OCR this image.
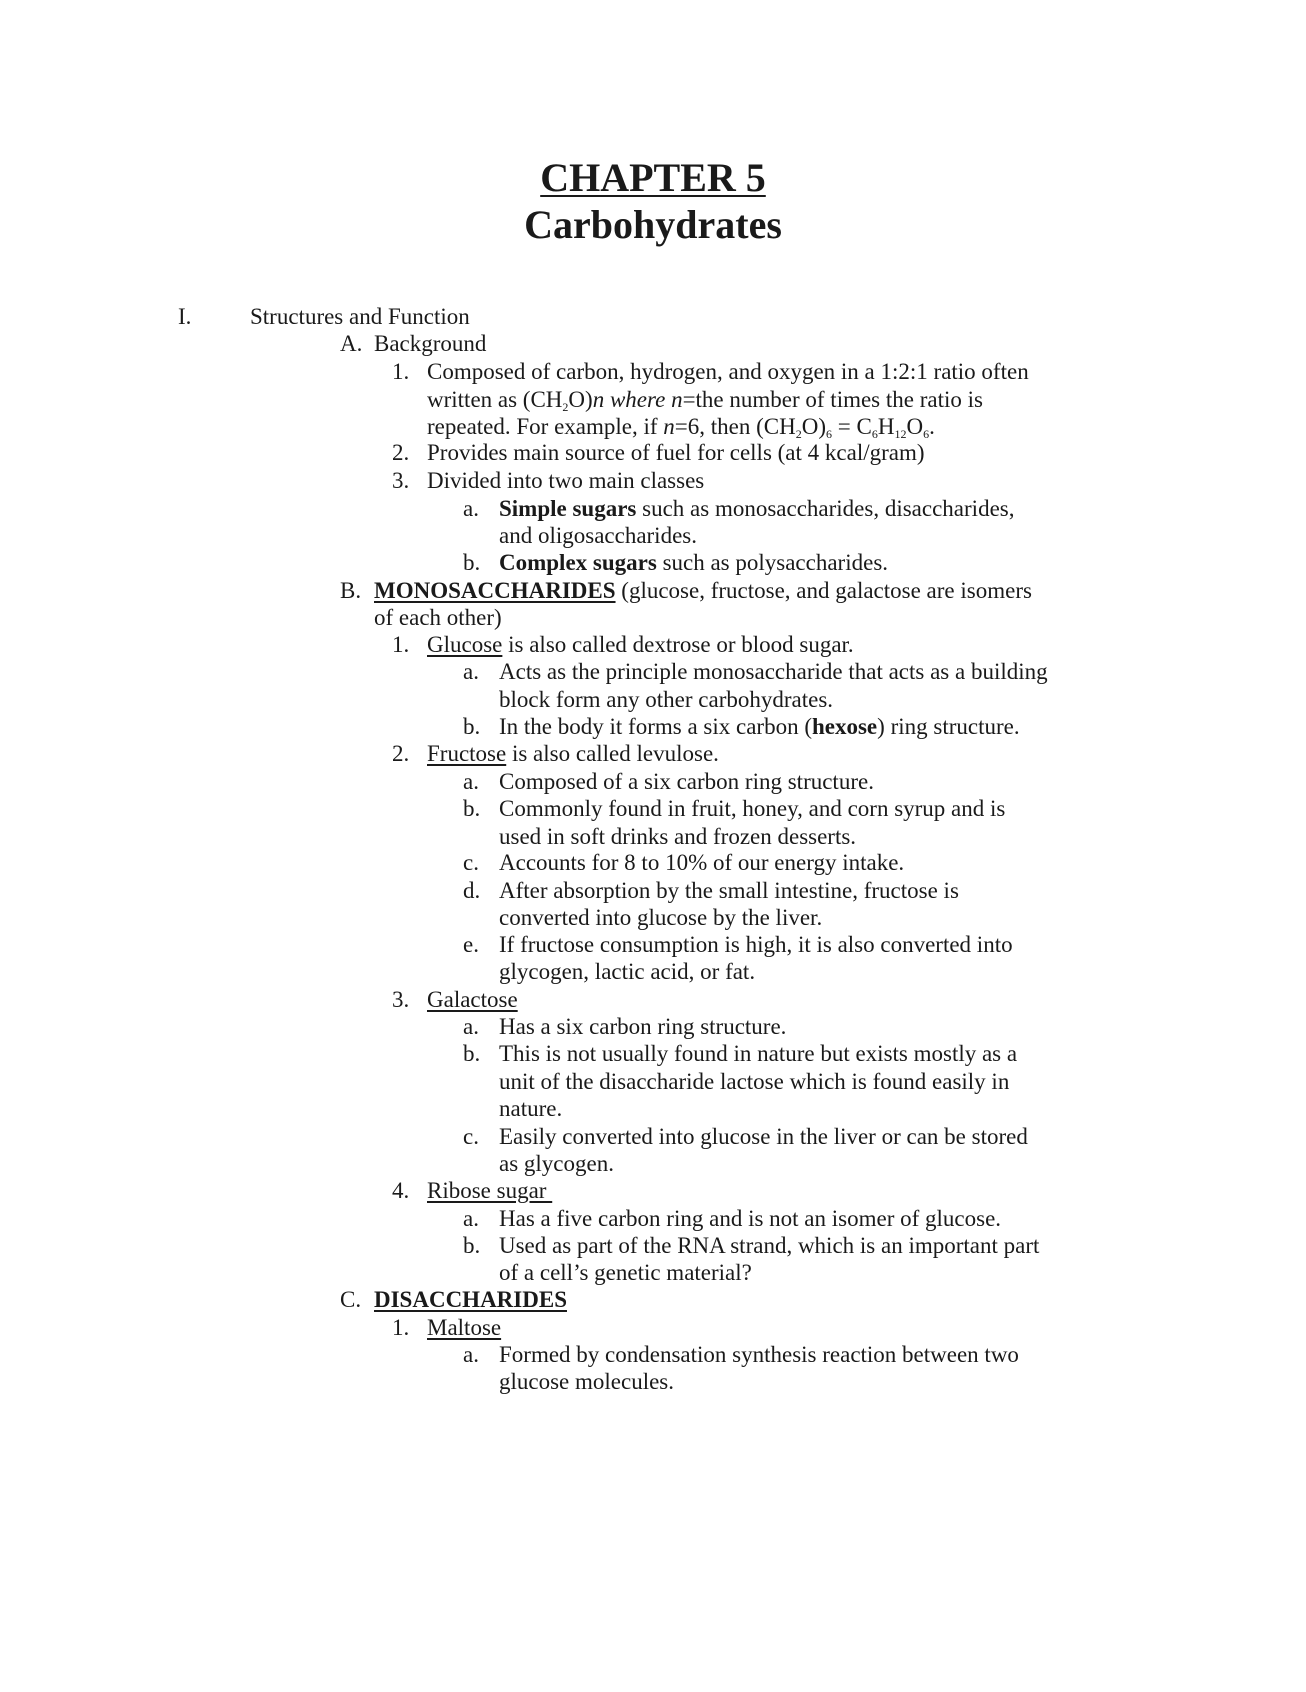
CHAPTER 5
Carbohydrates
I.	Structures and Function
A. Background
1. Composed of carbon, hydrogen, and oxygen in a 1:2:1 ratio often
written as $(CH_2O)n$ where n=the number of times the ratio is
repeated. For example, if n=6, then $(CH_2O)_6 = C_6H_{12}O_6$.
2. Provides main source of fuel for cells (at 4 kcal/gram)
3. Divided into two main classes
a. Simple sugars such as monosaccharides, disaccharides,
and oligosaccharides.
b. Complex sugars such as polysaccharides.
B. MONOSACCHARIDES (glucose, fructose, and galactose are isomers
of each other)
1. Glucose is also called dextrose or blood sugar.
a. Acts as the principle monosaccharide that acts as a building
block form any other carbohydrates.
b. In the body it forms a six carbon (hexose) ring structure.
2. Fructose is also called levulose.
a. Composed of a six carbon ring structure.
b. Commonly found in fruit, honey, and corn syrup and is
used in soft drinks and frozen desserts.
c. Accounts for 8 to 10% of our energy intake.
d. After absorption by the small intestine, fructose is
converted into glucose by the liver.
e. If fructose consumption is high, it is also converted into
glycogen, lactic acid, or fat.
3. Galactose
a. Has a six carbon ring structure.
b. This is not usually found in nature but exists mostly as a
unit of the disaccharide lactose which is found easily in
nature.
c. Easily converted into glucose in the liver or can be stored
as glycogen.
4. Ribose sugar
a. Has a five carbon ring and is not an isomer of glucose.
b. Used as part of the RNA strand, which is an important part
of a cell’s genetic material?
C. DISACCHARIDES
1. Maltose
a. Formed by condensation synthesis reaction between two
glucose molecules.
